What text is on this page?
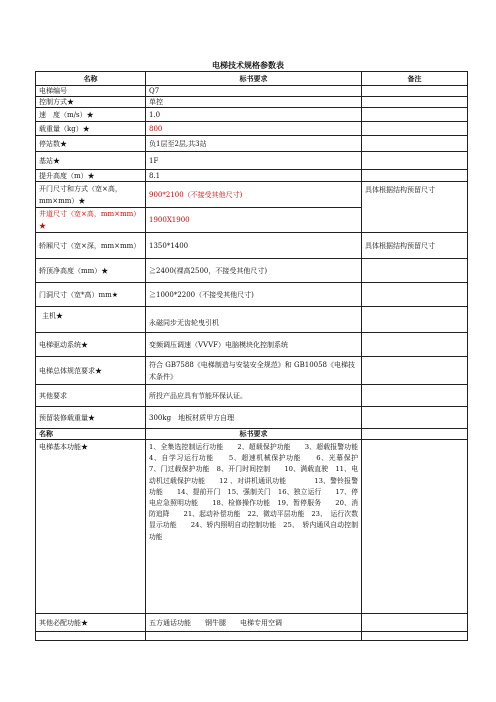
电梯技术规格参数表
名称	标书要求	备注
电梯编号	Q7	
控制方式★	单控	
速　度（m/s）★	1.0	
载重量（kg）★	800	
停站数★	负1层至2层,共3站	
基站★	1F	
提升高度（m）★	8.1	
开门尺寸和方式（宽×高，mm×mm）★	900*2100（不接受其他尺寸)	具体根据结构预留尺寸
井道尺寸（宽×高，mm×mm）★	1900X1900	
轿厢尺寸（宽×深，mm×mm）	1350*1400	具体根据结构预留尺寸
轿顶净高度（mm）★	≧2400(裸高2500，不接受其他尺寸)	
门洞尺寸（宽*高）mm★	≧1000*2200（不接受其他尺寸)	
主机★	永磁同步无齿轮曳引机	
电梯驱动系统★	变频调压调速（VVVF）电脑模块化控制系统	
电梯总体规范要求★	符合 GB7588《电梯制造与安装安全规范》和 GB10058《电梯技术条件》	
其他要求	所投产品应具有节能环保认证。	
预留装修载重量★	300kg　地板材质甲方自理	
名称	标书要求	
电梯基本功能★	1、全集选控制运行功能　　2、超载保护功能　　3、超载报警功能　　4、自学习运行功能　　5、超速机械保护功能　　6、光幕保护　　7、门过载保护功能　8、开门时间控制　　10、满载直驶　11、电动机过载保护功能　　12 、对讲机通讯功能　　　　13、警铃报警功能　　14、提前开门　15、强制关门　16、独立运行　　17、停电应急照明功能　　18、检修操作功能　19、暂停服务　　20、消防追降　　21、起动补偿功能　22、微动平层功能　23、　运行次数显示功能　　24、轿内照明自动控制功能　25、　轿内通风自动控制功能	
其他必配功能★	五方通话功能　　钢牛腿　　电梯专用空调	
